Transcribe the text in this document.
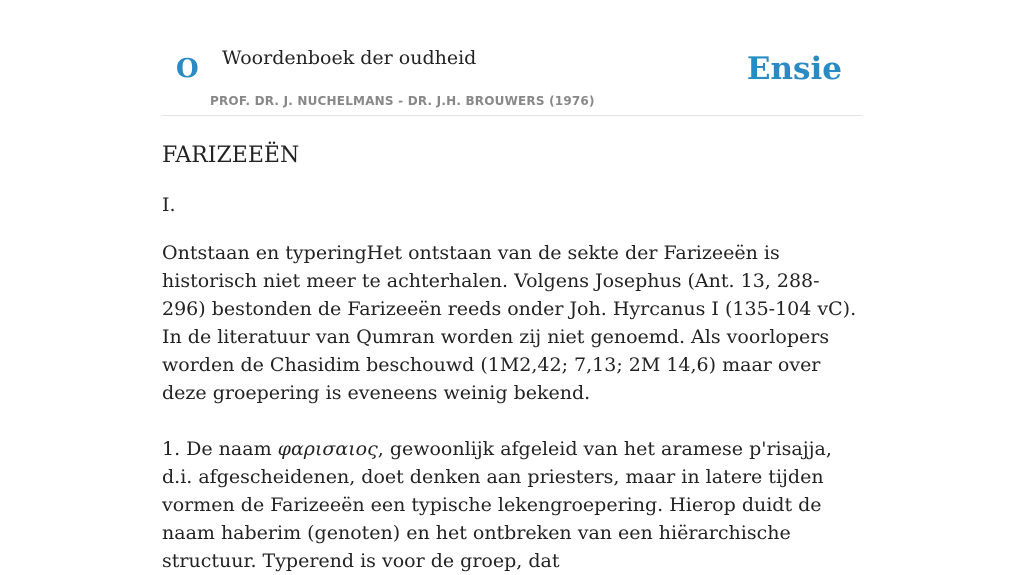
O Woordenboek der oudheid
PROF. DR. J. NUCHELMANS - DR. J.H. BROUWERS (1976)
Ensie
FARIZEEËN
I.

Ontstaan en typeringHet ontstaan van de sekte der Farizeeën is historisch niet meer te achterhalen. Volgens Josephus (Ant. 13, 288-296) bestonden de Farizeeën reeds onder Joh. Hyrcanus I (135-104 vC). In de literatuur van Qumran worden zij niet genoemd. Als voorlopers worden de Chasidim beschouwd (1M2,42; 7,13; 2M 14,6) maar over deze groepering is eveneens weinig bekend.

1. De naam φαρισαιος, gewoonlijk afgeleid van het aramese p'risajja, d.i. afgescheidenen, doet denken aan priesters, maar in latere tijden vormen de Farizeeën een typische lekengroepering. Hierop duidt de naam haberim (genoten) en het ontbreken van een hiërarchische structuur. Typerend is voor de groep, dat
